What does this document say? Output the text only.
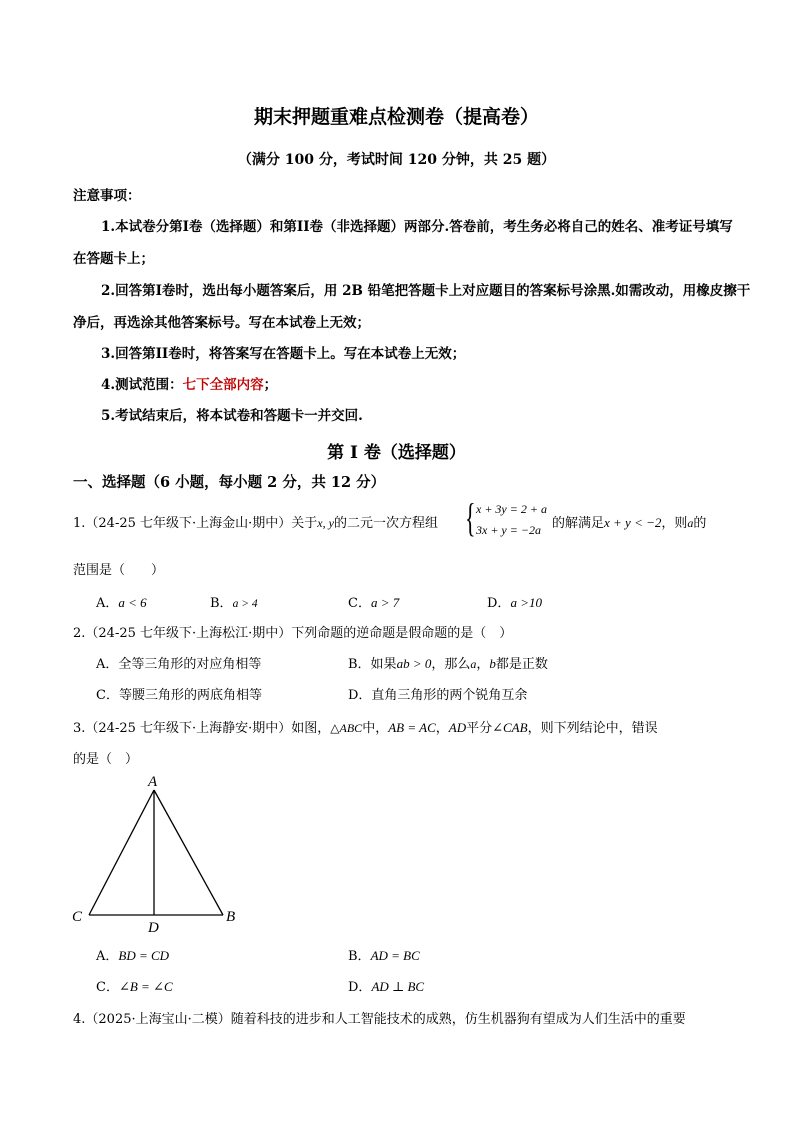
期末押题重难点检测卷（提高卷）
（满分 100 分，考试时间 120 分钟，共 25 题）
注意事项：
1.本试卷分第I卷（选择题）和第II卷（非选择题）两部分.答卷前，考生务必将自己的姓名、准考证号填写
在答题卡上；
2.回答第I卷时，选出每小题答案后，用 2B 铅笔把答题卡上对应题目的答案标号涂黑.如需改动，用橡皮擦干
净后，再选涂其他答案标号。写在本试卷上无效；
3.回答第II卷时，将答案写在答题卡上。写在本试卷上无效；
4.测试范围：七下全部内容；
5.考试结束后，将本试卷和答题卡一并交回.
第 I 卷（选择题）
一、选择题（6 小题，每小题 2 分，共 12 分）
1.（24-25 七年级下·上海金山·期中）关于x, y的二元一次方程组 { x + 3y = 2 + a
3x + y = −2a 的解满足x + y < −2，则a的
范围是（　　）
A．a < 6	B．a > 4	C．a > 7	D．a >10
2.（24-25 七年级下·上海松江·期中）下列命题的逆命题是假命题的是（　）
A．全等三角形的对应角相等	B．如果ab > 0，那么a，b都是正数
C．等腰三角形的两底角相等	D．直角三角形的两个锐角互余
3.（24-25 七年级下·上海静安·期中）如图，△ABC中，AB = AC，AD平分∠CAB，则下列结论中，错误
的是（　）
A
C	B
D
A．BD = CD	B．AD = BC
C．∠B = ∠C	D．AD ⊥ BC
4.（2025·上海宝山·二模）随着科技的进步和人工智能技术的成熟，仿生机器狗有望成为人们生活中的重要
